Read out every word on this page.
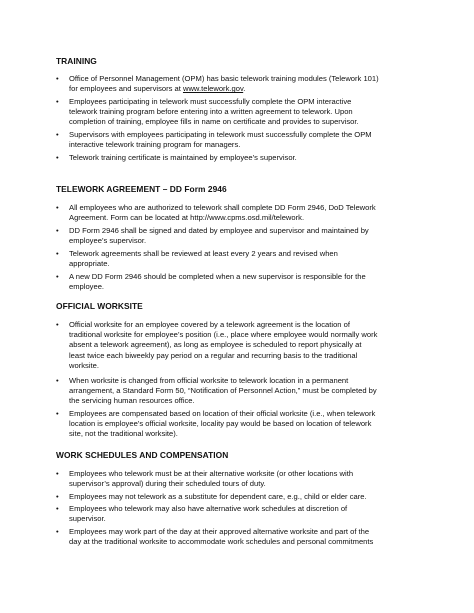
TRAINING
• Office of Personnel Management (OPM) has basic telework training modules (Telework 101)
for employees and supervisors at www.telework.gov.
• Employees participating in telework must successfully complete the OPM interactive
telework training program before entering into a written agreement to telework. Upon
completion of training, employee fills in name on certificate and provides to supervisor.
• Supervisors with employees participating in telework must successfully complete the OPM
interactive telework training program for managers.
• Telework training certificate is maintained by employee’s supervisor.
TELEWORK AGREEMENT – DD Form 2946
• All employees who are authorized to telework shall complete DD Form 2946, DoD Telework
Agreement. Form can be located at http://www.cpms.osd.mil/telework.
• DD Form 2946 shall be signed and dated by employee and supervisor and maintained by
employee’s supervisor.
• Telework agreements shall be reviewed at least every 2 years and revised when
appropriate.
• A new DD Form 2946 should be completed when a new supervisor is responsible for the
employee.
OFFICIAL WORKSITE
• Official worksite for an employee covered by a telework agreement is the location of
traditional worksite for employee’s position (i.e., place where employee would normally work
absent a telework agreement), as long as employee is scheduled to report physically at
least twice each biweekly pay period on a regular and recurring basis to the traditional
worksite.
• When worksite is changed from official worksite to telework location in a permanent
arrangement, a Standard Form 50, “Notification of Personnel Action,” must be completed by
the servicing human resources office.
• Employees are compensated based on location of their official worksite (i.e., when telework
location is employee’s official worksite, locality pay would be based on location of telework
site, not the traditional worksite).
WORK SCHEDULES AND COMPENSATION
• Employees who telework must be at their alternative worksite (or other locations with
supervisor’s approval) during their scheduled tours of duty.
• Employees may not telework as a substitute for dependent care, e.g., child or elder care.
• Employees who telework may also have alternative work schedules at discretion of
supervisor.
• Employees may work part of the day at their approved alternative worksite and part of the
day at the traditional worksite to accommodate work schedules and personal commitments
